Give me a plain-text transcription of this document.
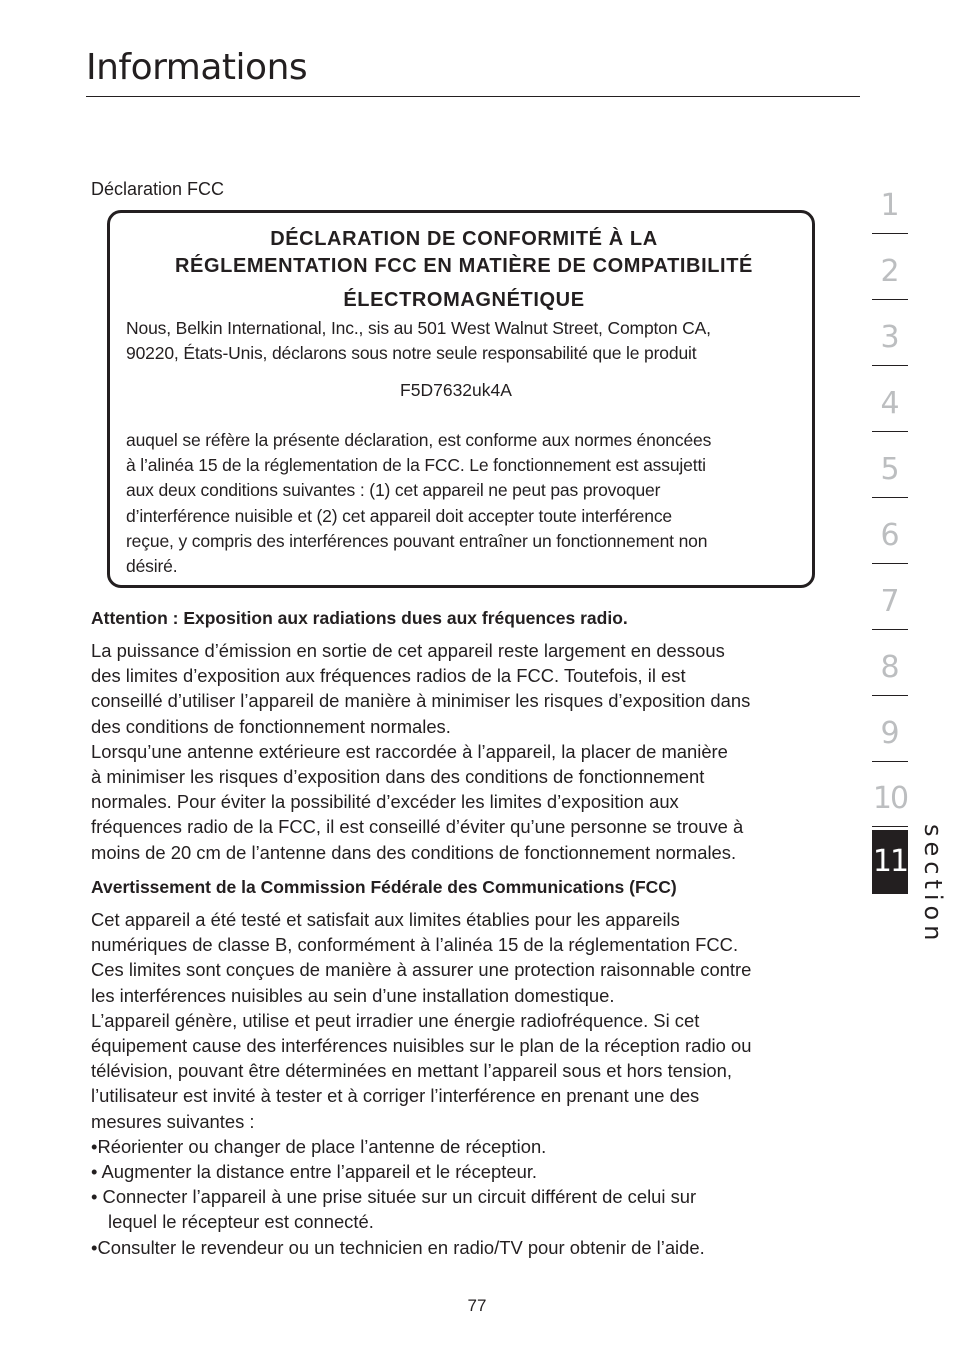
Informations
Déclaration FCC
DÉCLARATION DE CONFORMITÉ À LA
RÉGLEMENTATION FCC EN MATIÈRE DE COMPATIBILITÉ
ÉLECTROMAGNÉTIQUE

Nous, Belkin International, Inc., sis au 501 West Walnut Street, Compton CA,
90220, États-Unis, déclarons sous notre seule responsabilité que le produit

F5D7632uk4A

auquel se réfère la présente déclaration, est conforme aux normes énoncées
à l’alinéa 15 de la réglementation de la FCC. Le fonctionnement est assujetti
aux deux conditions suivantes : (1) cet appareil ne peut pas provoquer
d’interférence nuisible et (2) cet appareil doit accepter toute interférence
reçue, y compris des interférences pouvant entraîner un fonctionnement non
désiré.

Attention : Exposition aux radiations dues aux fréquences radio.

La puissance d’émission en sortie de cet appareil reste largement en dessous
des limites d’exposition aux fréquences radios de la FCC. Toutefois, il est
conseillé d’utiliser l’appareil de manière à minimiser les risques d’exposition dans
des conditions de fonctionnement normales.
Lorsqu’une antenne extérieure est raccordée à l’appareil, la placer de manière
à minimiser les risques d’exposition dans des conditions de fonctionnement
normales. Pour éviter la possibilité d’excéder les limites d’exposition aux
fréquences radio de la FCC, il est conseillé d’éviter qu’une personne se trouve à
moins de 20 cm de l’antenne dans des conditions de fonctionnement normales.

Avertissement de la Commission Fédérale des Communications (FCC)

Cet appareil a été testé et satisfait aux limites établies pour les appareils
numériques de classe B, conformément à l’alinéa 15 de la réglementation FCC.
Ces limites sont conçues de manière à assurer une protection raisonnable contre
les interférences nuisibles au sein d’une installation domestique.
L’appareil génère, utilise et peut irradier une énergie radiofréquence. Si cet
équipement cause des interférences nuisibles sur le plan de la réception radio ou
télévision, pouvant être déterminées en mettant l’appareil sous et hors tension,
l’utilisateur est invité à tester et à corriger l’interférence en prenant une des
mesures suivantes :
•Réorienter ou changer de place l’antenne de réception.
• Augmenter la distance entre l’appareil et le récepteur.
• Connecter l’appareil à une prise située sur un circuit différent de celui sur
lequel le récepteur est connecté.
•Consulter le revendeur ou un technicien en radio/TV pour obtenir de l’aide.

77
1
2
3
4
5
6
7
8
9
10
11 section
